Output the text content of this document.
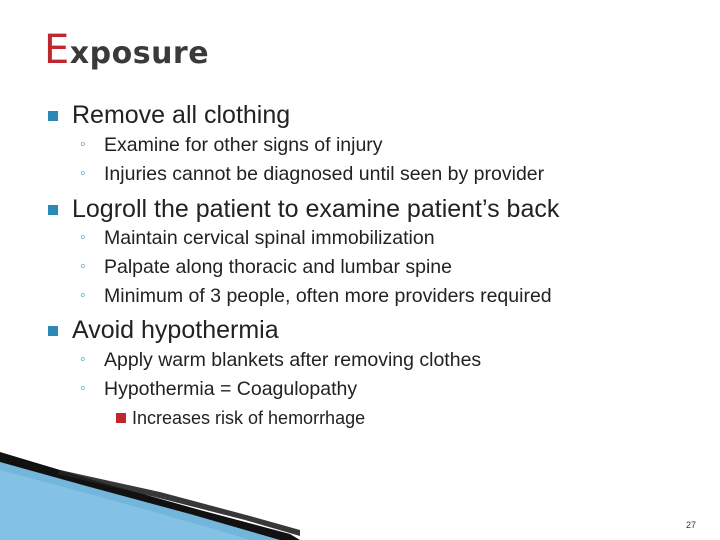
Exposure
Remove all clothing
◦ Examine for other signs of injury
◦ Injuries cannot be diagnosed until seen by provider
Logroll the patient to examine patient’s back
◦ Maintain cervical spinal immobilization
◦ Palpate along thoracic and lumbar spine
◦ Minimum of 3 people, often more providers required
Avoid hypothermia
◦ Apply warm blankets after removing clothes
◦ Hypothermia = Coagulopathy
Increases risk of hemorrhage
27
